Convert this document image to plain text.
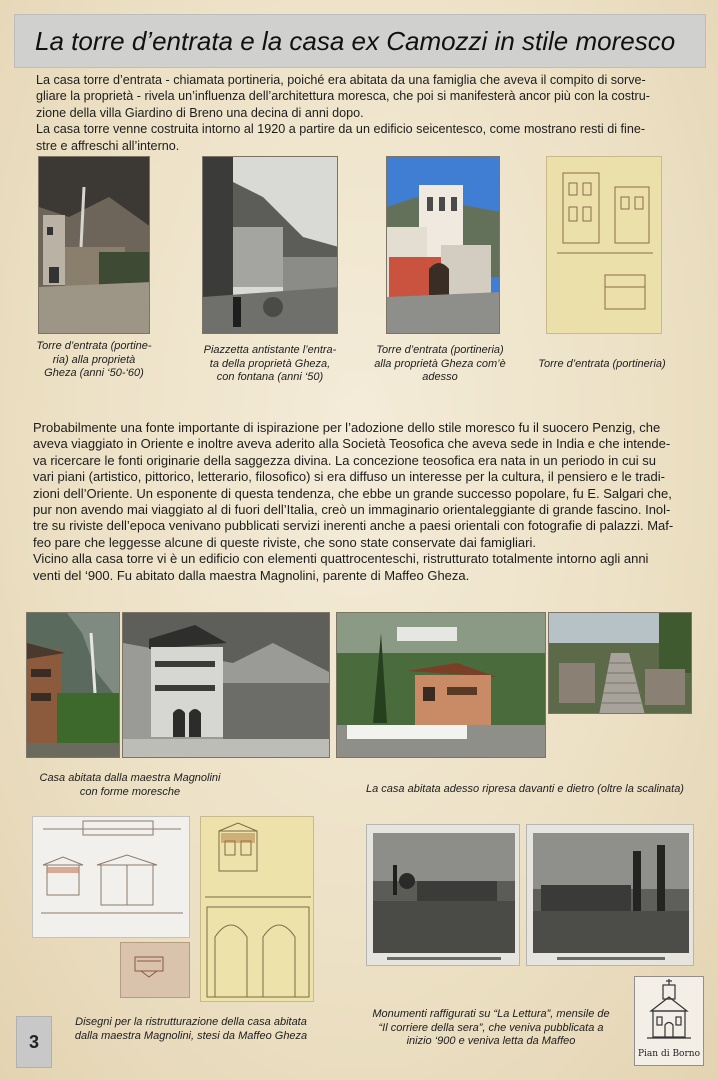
La torre d’entrata e la casa ex Camozzi in stile moresco
La casa torre d’entrata - chiamata portineria, poiché era abitata da una famiglia che aveva il compito di sorve-
gliare la proprietà - rivela un’influenza dell’architettura moresca, che poi si manifesterà ancor più con la costru-
zione della villa Giardino di Breno una decina di anni dopo.
La casa torre venne costruita intorno al 1920 a partire da un edificio seicentesco, come mostrano resti di fine-
stre e affreschi all’interno.
Torre d’entrata (portine-
ria) alla proprietà
Gheza (anni ‘50-‘60)
Piazzetta antistante l’entra-
ta della proprietà Gheza,
con fontana (anni ‘50)
Torre d’entrata (portineria)
alla proprietà Gheza com’è
adesso
Torre d’entrata (portineria)
Probabilmente una fonte importante di ispirazione per l’adozione dello stile moresco fu il suocero Penzig, che
aveva viaggiato in Oriente e inoltre aveva aderito alla Società Teosofica che aveva sede in India e che intende-
va ricercare le fonti originarie della saggezza divina. La concezione teosofica era nata in un periodo in cui su
vari piani (artistico, pittorico, letterario, filosofico) si era diffuso un interesse per la cultura, il pensiero e le tradi-
zioni dell’Oriente. Un esponente di questa tendenza, che ebbe un grande successo popolare, fu E. Salgari che,
pur non avendo mai viaggiato al di fuori dell’Italia, creò un immaginario orientaleggiante di grande fascino. Inol-
tre su riviste dell’epoca venivano pubblicati servizi inerenti anche a paesi orientali con fotografie di palazzi. Maf-
feo pare che leggesse alcune di queste riviste, che sono state conservate dai famigliari.
Vicino alla casa torre vi è un edificio con elementi quattrocenteschi, ristrutturato totalmente intorno agli anni
venti del ‘900. Fu abitato dalla maestra Magnolini, parente di Maffeo Gheza.
Casa abitata dalla maestra Magnolini
con forme moresche	La casa abitata adesso ripresa davanti e dietro (oltre la scalinata)
Disegni per la ristrutturazione della casa abitata
dalla maestra Magnolini, stesi da Maffeo Gheza
Monumenti raffigurati su “La Lettura”, mensile de
“Il corriere della sera”, che veniva pubblicata a
inizio ‘900 e veniva letta da Maffeo
3
Pian di Borno
